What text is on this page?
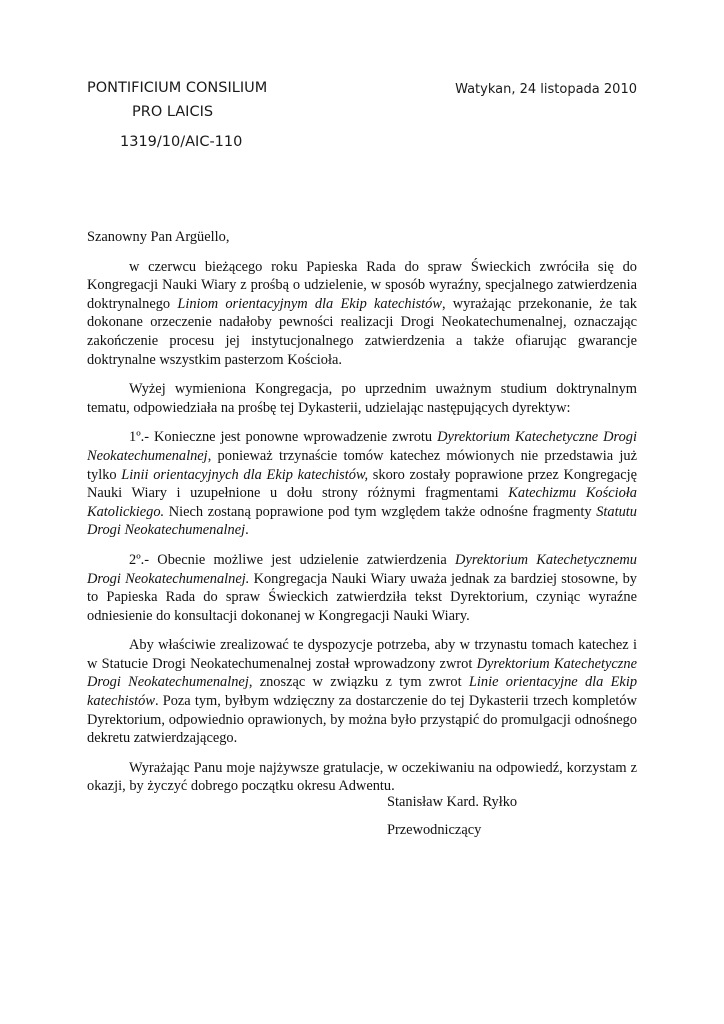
PONTIFICIUM CONSILIUM
PRO LAICIS
1319/10/AIC-110
Watykan, 24 listopada 2010

Szanowny Pan Argüello,

w czerwcu bieżącego roku Papieska Rada do spraw Świeckich zwróciła się do Kongregacji Nauki Wiary z prośbą o udzielenie, w sposób wyraźny, specjalnego zatwierdzenia doktrynalnego Liniom orientacyjnym dla Ekip katechistów, wyrażając przekonanie, że tak dokonane orzeczenie nadałoby pewności realizacji Drogi Neokatechumenalnej, oznaczając zakończenie procesu jej instytucjonalnego zatwierdzenia a także ofiarując gwarancje doktrynalne wszystkim pasterzom Kościoła.

Wyżej wymieniona Kongregacja, po uprzednim uważnym studium doktrynalnym tematu, odpowiedziała na prośbę tej Dykasterii, udzielając następujących dyrektyw:

1º.- Konieczne jest ponowne wprowadzenie zwrotu Dyrektorium Katechetyczne Drogi Neokatechumenalnej, ponieważ trzynaście tomów katechez mówionych nie przedstawia już tylko Linii orientacyjnych dla Ekip katechistów, skoro zostały poprawione przez Kongregację Nauki Wiary i uzupełnione u dołu strony różnymi fragmentami Katechizmu Kościoła Katolickiego. Niech zostaną poprawione pod tym względem także odnośne fragmenty Statutu Drogi Neokatechumenalnej.

2º.- Obecnie możliwe jest udzielenie zatwierdzenia Dyrektorium Katechetycznemu Drogi Neokatechumenalnej. Kongregacja Nauki Wiary uważa jednak za bardziej stosowne, by to Papieska Rada do spraw Świeckich zatwierdziła tekst Dyrektorium, czyniąc wyraźne odniesienie do konsultacji dokonanej w Kongregacji Nauki Wiary.

Aby właściwie zrealizować te dyspozycje potrzeba, aby w trzynastu tomach katechez i w Statucie Drogi Neokatechumenalnej został wprowadzony zwrot Dyrektorium Katechetyczne Drogi Neokatechumenalnej, znosząc w związku z tym zwrot Linie orientacyjne dla Ekip katechistów. Poza tym, byłbym wdzięczny za dostarczenie do tej Dykasterii trzech kompletów Dyrektorium, odpowiednio oprawionych, by można było przystąpić do promulgacji odnośnego dekretu zatwierdzającego.

Wyrażając Panu moje najżywsze gratulacje, w oczekiwaniu na odpowiedź, korzystam z okazji, by życzyć dobrego początku okresu Adwentu.

Stanisław Kard. Ryłko
Przewodniczący
